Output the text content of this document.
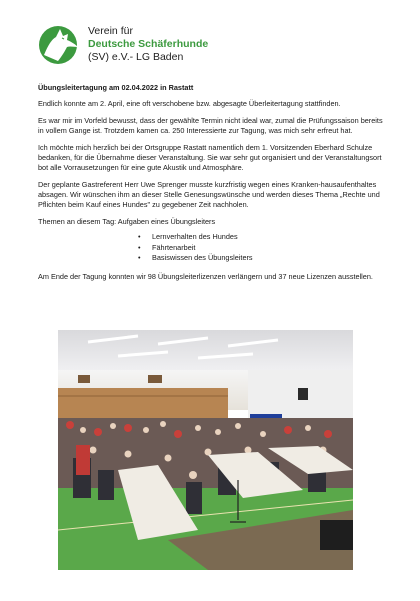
Verein für
Deutsche Schäferhunde
(SV) e.V.- LG Baden

Übungsleitertagung am 02.04.2022 in Rastatt

Endlich konnte am 2. April, eine oft verschobene bzw. abgesagte Überleitertagung stattfinden.

Es war mir im Vorfeld bewusst, dass der gewählte Termin nicht ideal war, zumal die Prüfungssaison bereits in vollem Gange ist. Trotzdem kamen ca. 250 Interessierte zur Tagung, was mich sehr erfreut hat.

Ich möchte mich herzlich bei der Ortsgruppe Rastatt namentlich dem 1. Vorsitzenden Eberhard Schulze bedanken, für die Übernahme dieser Veranstaltung. Sie war sehr gut organisiert und der Veranstaltungsort bot alle Vorrausetzungen für eine gute Akustik und Atmosphäre.

Der geplante Gastreferent Herr Uwe Sprenger musste kurzfristig wegen eines Kranken-hausaufenthaltes absagen. Wir wünschen ihm an dieser Stelle Genesungswünsche und werden dieses Thema „Rechte und Pflichten beim Kauf eines Hundes" zu gegebener Zeit nachholen.

Themen an diesem Tag: Aufgaben eines Übungsleiters

• Lernverhalten des Hundes
• Fährtenarbeit
• Basiswissen des Übungsleiters

Am Ende der Tagung konnten wir 98 Übungsleiterlizenzen verlängern und 37 neue Lizenzen ausstellen.
